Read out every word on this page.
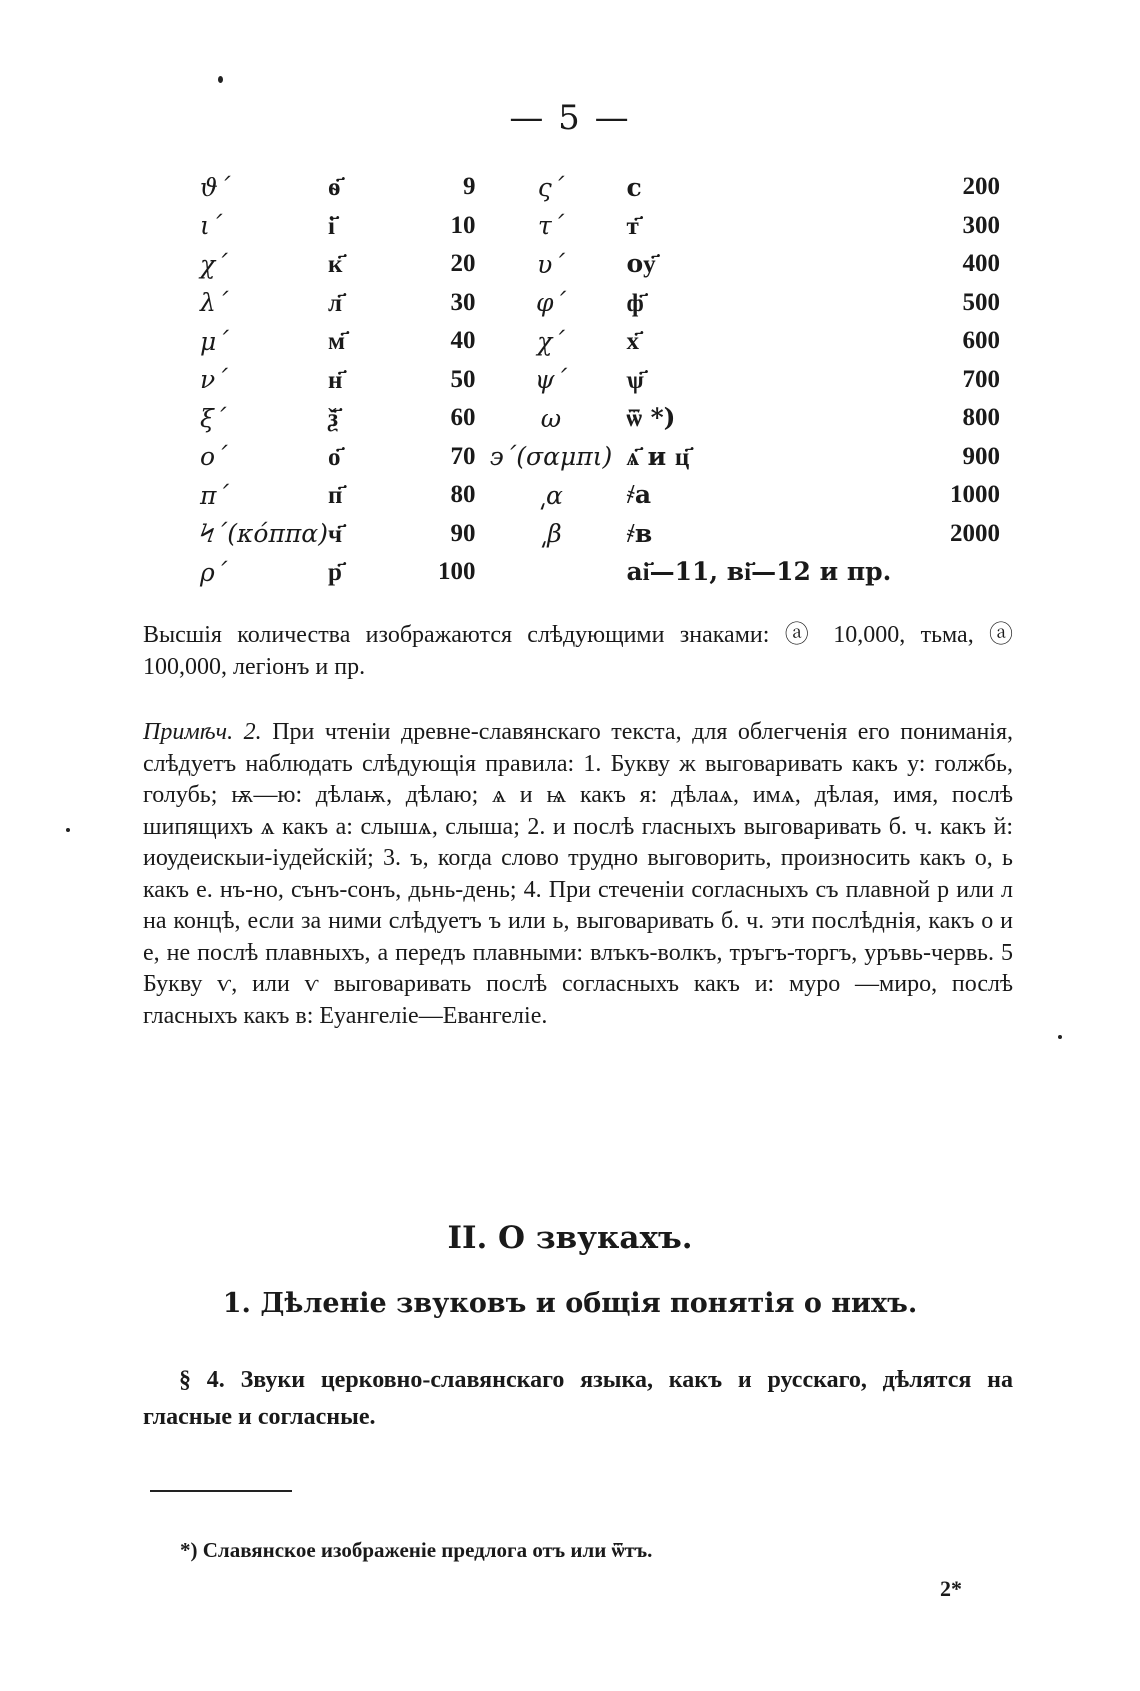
— 5 —
ϑ΄	ѳ҃	9	ς΄	с	200
ι΄	і҃	10	τ΄	т҃	300
χ΄	к҃	20	υ΄	оу҃	400
λ΄	л҃	30	φ΄	ф҃	500
μ΄	м҃	40	χ΄	х҃	600
ν΄	н҃	50	ψ΄	ѱ҃	700
ξ΄	ѯ҃	60	ω	ѿ *)	800
ο΄	о҃	70	϶΄(σαμπι)	ѧ҃ и ц҃	900
π΄	п҃	80	͵α	҂а	1000
Ϟ΄(κόππα)	ч҃	90	͵β	҂в	2000
ρ΄	р҃	100		аі҃—11, ві҃—12 и пр.	
Высшія количества изображаются слѣдующими знаками: ⓐ 10,000, тьма, ⓐ 100,000, легіонъ и пр.
Примѣч. 2. При чтеніи древне-славянскаго текста, для облегченія его пониманія, слѣдуетъ наблюдать слѣдующія правила: 1. Букву ж выговаривать какъ у: голжбь, голубь; ѭ—ю: дѣлаѭ, дѣлаю; ѧ и ѩ какъ я: дѣлаѧ, имѧ, дѣлая, имя, послѣ шипящихъ ѧ какъ а: слышѧ, слыша; 2. и послѣ гласныхъ выговаривать б. ч. какъ й: иоудеискыи-іудейскій; 3. ъ, когда слово трудно выговорить, произносить какъ о, ь какъ е. нъ-но, сънъ-сонъ, дьнь-день; 4. При стеченіи согласныхъ съ плавной р или л на концѣ, если за ними слѣдуетъ ъ или ь, выговаривать б. ч. эти послѣднія, какъ о и е, не послѣ плавныхъ, а передъ плавными: влъкъ-волкъ, тръгъ-торгъ, уръвь-червь. 5 Букву ѵ, или ѵ выговаривать послѣ согласныхъ какъ и: муро —миро, послѣ гласныхъ какъ в: Еуангеліе—Евангеліе.
II. О звукахъ.
1. Дѣленіе звуковъ и общія понятія о нихъ.
§ 4. Звуки церковно-славянскаго языка, какъ и русскаго, дѣлятся на гласные и согласные.
*) Славянское изображеніе предлога отъ или ѿтъ.
2*
